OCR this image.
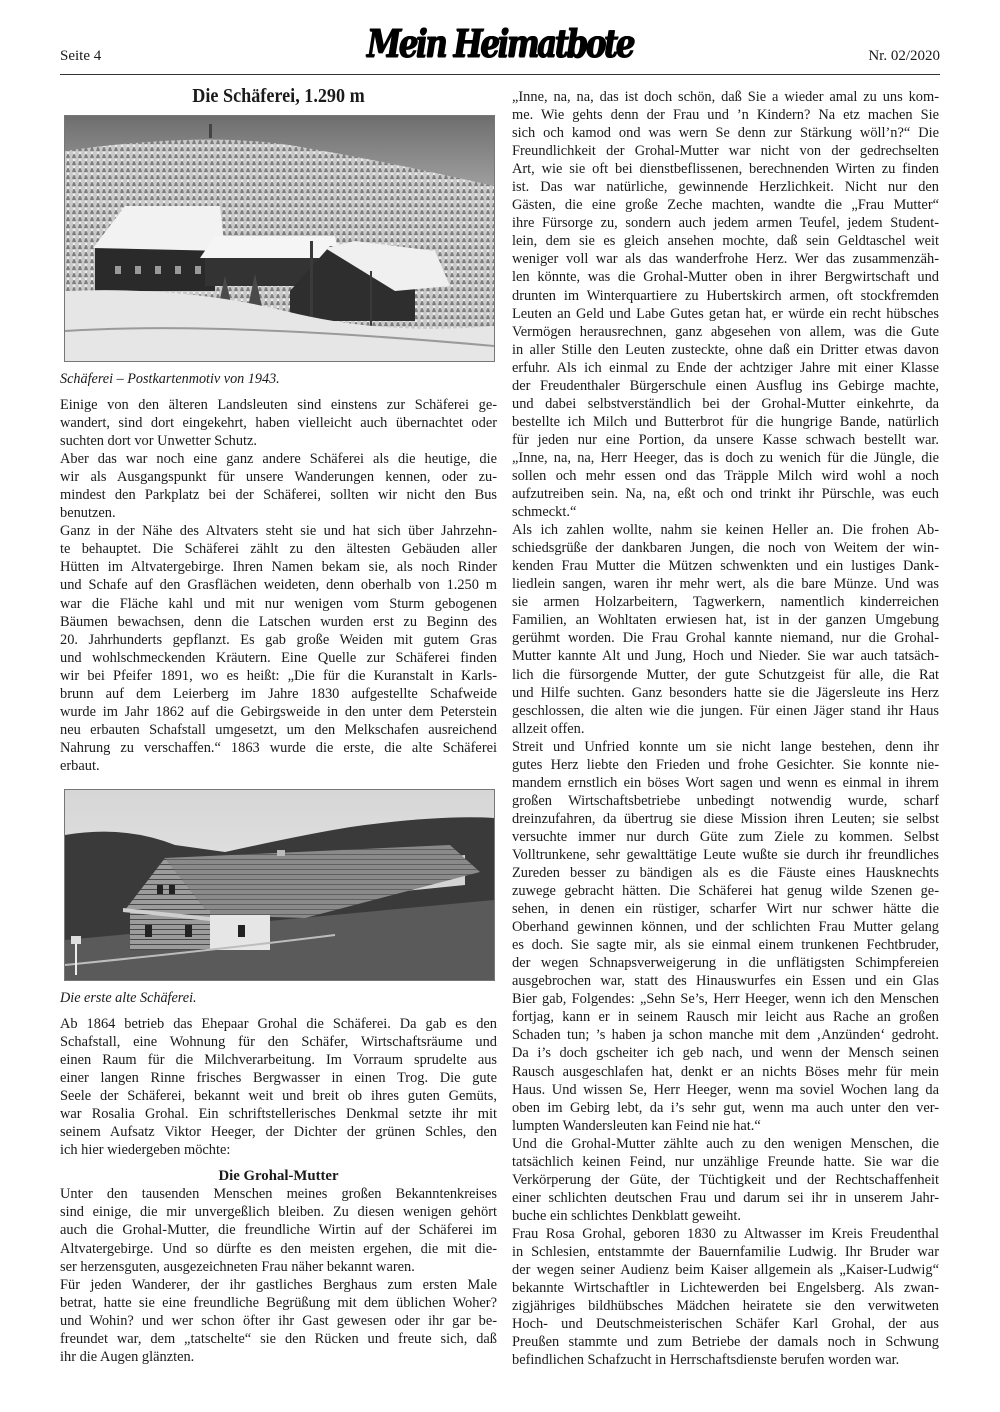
Seite 4	Mein Heimatbote	Nr. 02/2020
Die Schäferei, 1.290 m
Schäferei – Postkartenmotiv von 1943.
Einige von den älteren Landsleuten sind einstens zur Schäferei ge-
wandert, sind dort eingekehrt, haben vielleicht auch übernachtet oder
suchten dort vor Unwetter Schutz.
Aber das war noch eine ganz andere Schäferei als die heutige, die
wir als Ausgangspunkt für unsere Wanderungen kennen, oder zu-
mindest den Parkplatz bei der Schäferei, sollten wir nicht den Bus
benutzen.
Ganz in der Nähe des Altvaters steht sie und hat sich über Jahrzehn-
te behauptet. Die Schäferei zählt zu den ältesten Gebäuden aller
Hütten im Altvatergebirge. Ihren Namen bekam sie, als noch Rinder
und Schafe auf den Grasflächen weideten, denn oberhalb von 1.250 m
war die Fläche kahl und mit nur wenigen vom Sturm gebogenen
Bäumen bewachsen, denn die Latschen wurden erst zu Beginn des
20. Jahrhunderts gepflanzt. Es gab große Weiden mit gutem Gras
und wohlschmeckenden Kräutern. Eine Quelle zur Schäferei finden
wir bei Pfeifer 1891, wo es heißt: „Die für die Kuranstalt in Karls-
brunn auf dem Leierberg im Jahre 1830 aufgestellte Schafweide
wurde im Jahr 1862 auf die Gebirgsweide in den unter dem Peterstein
neu erbauten Schafstall umgesetzt, um den Melkschafen ausreichend
Nahrung zu verschaffen.“ 1863 wurde die erste, die alte Schäferei
erbaut.
Die erste alte Schäferei.
Ab 1864 betrieb das Ehepaar Grohal die Schäferei. Da gab es den
Schafstall, eine Wohnung für den Schäfer, Wirtschaftsräume und
einen Raum für die Milchverarbeitung. Im Vorraum sprudelte aus
einer langen Rinne frisches Bergwasser in einen Trog. Die gute
Seele der Schäferei, bekannt weit und breit ob ihres guten Gemüts,
war Rosalia Grohal. Ein schriftstellerisches Denkmal setzte ihr mit
seinem Aufsatz Viktor Heeger, der Dichter der grünen Schles, den
ich hier wiedergeben möchte:
Die Grohal-Mutter
Unter den tausenden Menschen meines großen Bekanntenkreises
sind einige, die mir unvergeßlich bleiben. Zu diesen wenigen gehört
auch die Grohal-Mutter, die freundliche Wirtin auf der Schäferei im
Altvatergebirge. Und so dürfte es den meisten ergehen, die mit die-
ser herzensguten, ausgezeichneten Frau näher bekannt waren.
Für jeden Wanderer, der ihr gastliches Berghaus zum ersten Male
betrat, hatte sie eine freundliche Begrüßung mit dem üblichen Woher?
und Wohin? und wer schon öfter ihr Gast gewesen oder ihr gar be-
freundet war, dem „tatschelte“ sie den Rücken und freute sich, daß
ihr die Augen glänzten.
„Inne, na, na, das ist doch schön, daß Sie a wieder amal zu uns kom-
me. Wie gehts denn der Frau und ’n Kindern? Na etz machen Sie
sich och kamod ond was wern Se denn zur Stärkung wöll’n?“ Die
Freundlichkeit der Grohal-Mutter war nicht von der gedrechselten
Art, wie sie oft bei dienstbeflissenen, berechnenden Wirten zu finden
ist. Das war natürliche, gewinnende Herzlichkeit. Nicht nur den
Gästen, die eine große Zeche machten, wandte die „Frau Mutter“
ihre Fürsorge zu, sondern auch jedem armen Teufel, jedem Student-
lein, dem sie es gleich ansehen mochte, daß sein Geldtaschel weit
weniger voll war als das wanderfrohe Herz. Wer das zusammenzäh-
len könnte, was die Grohal-Mutter oben in ihrer Bergwirtschaft und
drunten im Winterquartiere zu Hubertskirch armen, oft stockfremden
Leuten an Geld und Labe Gutes getan hat, er würde ein recht hübsches
Vermögen herausrechnen, ganz abgesehen von allem, was die Gute
in aller Stille den Leuten zusteckte, ohne daß ein Dritter etwas davon
erfuhr. Als ich einmal zu Ende der achtziger Jahre mit einer Klasse
der Freudenthaler Bürgerschule einen Ausflug ins Gebirge machte,
und dabei selbstverständlich bei der Grohal-Mutter einkehrte, da
bestellte ich Milch und Butterbrot für die hungrige Bande, natürlich
für jeden nur eine Portion, da unsere Kasse schwach bestellt war.
„Inne, na, na, Herr Heeger, das is doch zu wenich für die Jüngle, die
sollen och mehr essen ond das Träpple Milch wird wohl a noch
aufzutreiben sein. Na, na, eßt och ond trinkt ihr Pürschle, was euch
schmeckt.“
Als ich zahlen wollte, nahm sie keinen Heller an. Die frohen Ab-
schiedsgrüße der dankbaren Jungen, die noch von Weitem der win-
kenden Frau Mutter die Mützen schwenkten und ein lustiges Dank-
liedlein sangen, waren ihr mehr wert, als die bare Münze. Und was
sie armen Holzarbeitern, Tagwerkern, namentlich kinderreichen
Familien, an Wohltaten erwiesen hat, ist in der ganzen Umgebung
gerühmt worden. Die Frau Grohal kannte niemand, nur die Grohal-
Mutter kannte Alt und Jung, Hoch und Nieder. Sie war auch tatsäch-
lich die fürsorgende Mutter, der gute Schutzgeist für alle, die Rat
und Hilfe suchten. Ganz besonders hatte sie die Jägersleute ins Herz
geschlossen, die alten wie die jungen. Für einen Jäger stand ihr Haus
allzeit offen.
Streit und Unfried konnte um sie nicht lange bestehen, denn ihr
gutes Herz liebte den Frieden und frohe Gesichter. Sie konnte nie-
mandem ernstlich ein böses Wort sagen und wenn es einmal in ihrem
großen Wirtschaftsbetriebe unbedingt notwendig wurde, scharf
dreinzufahren, da übertrug sie diese Mission ihren Leuten; sie selbst
versuchte immer nur durch Güte zum Ziele zu kommen. Selbst
Volltrunkene, sehr gewalttätige Leute wußte sie durch ihr freundliches
Zureden besser zu bändigen als es die Fäuste eines Hausknechts
zuwege gebracht hätten. Die Schäferei hat genug wilde Szenen ge-
sehen, in denen ein rüstiger, scharfer Wirt nur schwer hätte die
Oberhand gewinnen können, und der schlichten Frau Mutter gelang
es doch. Sie sagte mir, als sie einmal einem trunkenen Fechtbruder,
der wegen Schnapsverweigerung in die unflätigsten Schimpfereien
ausgebrochen war, statt des Hinauswurfes ein Essen und ein Glas
Bier gab, Folgendes: „Sehn Se’s, Herr Heeger, wenn ich den Menschen
fortjag, kann er in seinem Rausch mir leicht aus Rache an großen
Schaden tun; ’s haben ja schon manche mit dem ‚Anzünden‘ gedroht.
Da i’s doch gscheiter ich geb nach, und wenn der Mensch seinen
Rausch ausgeschlafen hat, denkt er an nichts Böses mehr für mein
Haus. Und wissen Se, Herr Heeger, wenn ma soviel Wochen lang da
oben im Gebirg lebt, da i’s sehr gut, wenn ma auch unter den ver-
lumpten Wandersleuten kan Feind nie hat.“
Und die Grohal-Mutter zählte auch zu den wenigen Menschen, die
tatsächlich keinen Feind, nur unzählige Freunde hatte. Sie war die
Verkörperung der Güte, der Tüchtigkeit und der Rechtschaffenheit
einer schlichten deutschen Frau und darum sei ihr in unserem Jahr-
buche ein schlichtes Denkblatt geweiht.
Frau Rosa Grohal, geboren 1830 zu Altwasser im Kreis Freudenthal
in Schlesien, entstammte der Bauernfamilie Ludwig. Ihr Bruder war
der wegen seiner Audienz beim Kaiser allgemein als „Kaiser-Ludwig“
bekannte Wirtschaftler in Lichtewerden bei Engelsberg. Als zwan-
zigjähriges bildhübsches Mädchen heiratete sie den verwitweten
Hoch- und Deutschmeisterischen Schäfer Karl Grohal, der aus
Preußen stammte und zum Betriebe der damals noch in Schwung
befindlichen Schafzucht in Herrschaftsdienste berufen worden war.
